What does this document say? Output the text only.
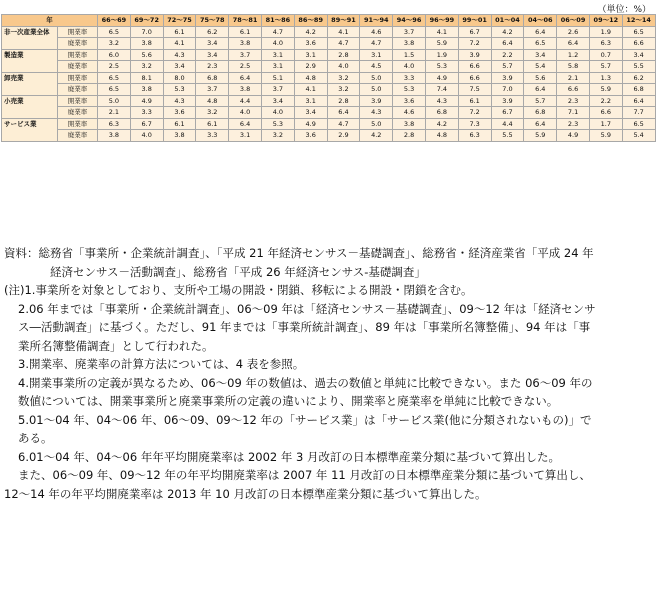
（単位：%）
年		66～69	69～72	72～75	75～78	78～81	81～86	86～89	89～91	91～94	94～96	96～99	99～01	01～04	04～06	06～09	09～12	12～14
非一次産業全体	開業率	6.5	7.0	6.1	6.2	6.1	4.7	4.2	4.1	4.6	3.7	4.1	6.7	4.2	6.4	2.6	1.9	6.5
	廃業率	3.2	3.8	4.1	3.4	3.8	4.0	3.6	4.7	4.7	3.8	5.9	7.2	6.4	6.5	6.4	6.3	6.6
製造業	開業率	6.0	5.6	4.3	3.4	3.7	3.1	3.1	2.8	3.1	1.5	1.9	3.9	2.2	3.4	1.2	0.7	3.4
	廃業率	2.5	3.2	3.4	2.3	2.5	3.1	2.9	4.0	4.5	4.0	5.3	6.6	5.7	5.4	5.8	5.7	5.5
卸売業	開業率	6.5	8.1	8.0	6.8	6.4	5.1	4.8	3.2	5.0	3.3	4.9	6.6	3.9	5.6	2.1	1.3	6.2
	廃業率	6.5	3.8	5.3	3.7	3.8	3.7	4.1	3.2	5.0	5.3	7.4	7.5	7.0	6.4	6.6	5.9	6.8
小売業	開業率	5.0	4.9	4.3	4.8	4.4	3.4	3.1	2.8	3.9	3.6	4.3	6.1	3.9	5.7	2.3	2.2	6.4
	廃業率	2.1	3.3	3.6	3.2	4.0	4.0	3.4	6.4	4.3	4.6	6.8	7.2	6.7	6.8	7.1	6.6	7.7
サービス業	開業率	6.3	6.7	6.1	6.1	6.4	5.3	4.9	4.7	5.0	3.8	4.2	7.3	4.4	6.4	2.3	1.7	6.5
	廃業率	3.8	4.0	3.8	3.3	3.1	3.2	3.6	2.9	4.2	2.8	4.8	6.3	5.5	5.9	4.9	5.9	5.4

資料：総務省「事業所・企業統計調査」、「平成 21 年経済センサス－基礎調査」、総務省・経済産業省「平成 24 年

経済センサス－活動調査」、総務省「平成 26 年経済センサス-基礎調査」

(注)1.事業所を対象としており、支所や工場の開設・閉鎖、移転による開設・閉鎖を含む。

2.06 年までは「事業所・企業統計調査」、06～09 年は「経済センサス－基礎調査」、09～12 年は「経済センサ

ス―活動調査」に基づく。ただし、91 年までは「事業所統計調査」、89 年は「事業所名簿整備」、94 年は「事

業所名簿整備調査」として行われた。

3.開業率、廃業率の計算方法については、4 表を参照。

4.開業事業所の定義が異なるため、06～09 年の数値は、過去の数値と単純に比較できない。また 06～09 年の

数値については、開業事業所と廃業事業所の定義の違いにより、開業率と廃業率を単純に比較できない。

5.01～04 年、04～06 年、06～09、09～12 年の「サービス業」は「サービス業(他に分類されないもの)」で

ある。

6.01～04 年、04～06 年年平均開廃業率は 2002 年 3 月改訂の日本標準産業分類に基づいて算出した。

また、06～09 年、09～12 年の年平均開廃業率は 2007 年 11 月改訂の日本標準産業分類に基づいて算出し、

12～14 年の年平均開廃業率は 2013 年 10 月改訂の日本標準産業分類に基づいて算出した。
